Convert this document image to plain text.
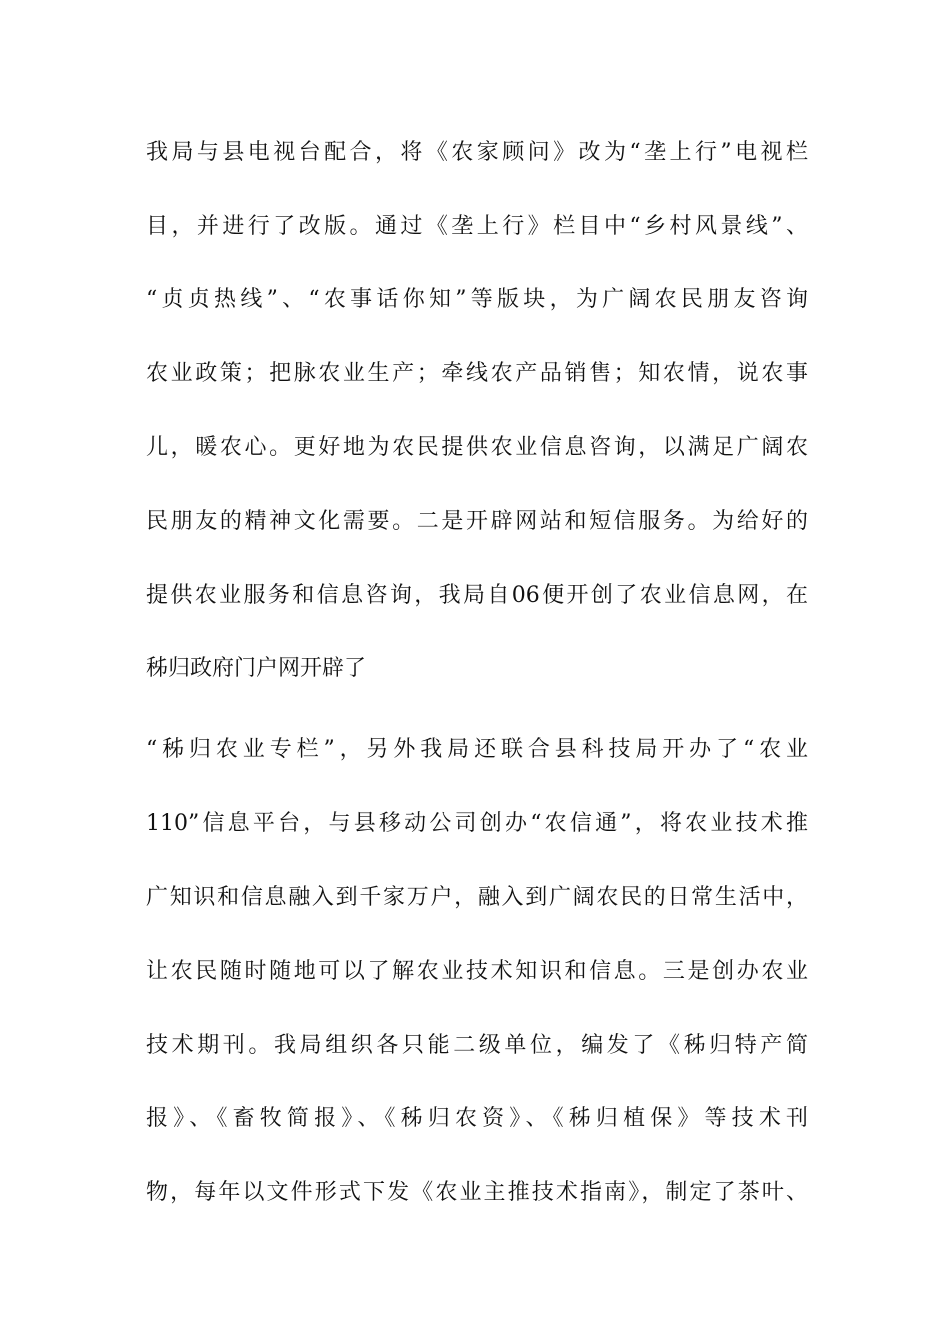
我局与县电视台配合，将《农家顾问》改为“垄上行”电视栏
目，并进行了改版。通过《垄上行》栏目中“乡村风景线”、
“贞贞热线”、“农事话你知”等版块，为广阔农民朋友咨询
农业政策；把脉农业生产；牵线农产品销售；知农情，说农事
儿，暖农心。更好地为农民提供农业信息咨询，以满足广阔农
民朋友的精神文化需要。二是开辟网站和短信服务。为给好的
提供农业服务和信息咨询，我局自06便开创了农业信息网，在
秭归政府门户网开辟了
“秭归农业专栏”，另外我局还联合县科技局开办了“农业
110”信息平台，与县移动公司创办“农信通”，将农业技术推
广知识和信息融入到千家万户，融入到广阔农民的日常生活中，
让农民随时随地可以了解农业技术知识和信息。三是创办农业
技术期刊。我局组织各只能二级单位，编发了《秭归特产简
报》、《畜牧简报》、《秭归农资》、《秭归植保》等技术刊
物，每年以文件形式下发《农业主推技术指南》，制定了茶叶、
